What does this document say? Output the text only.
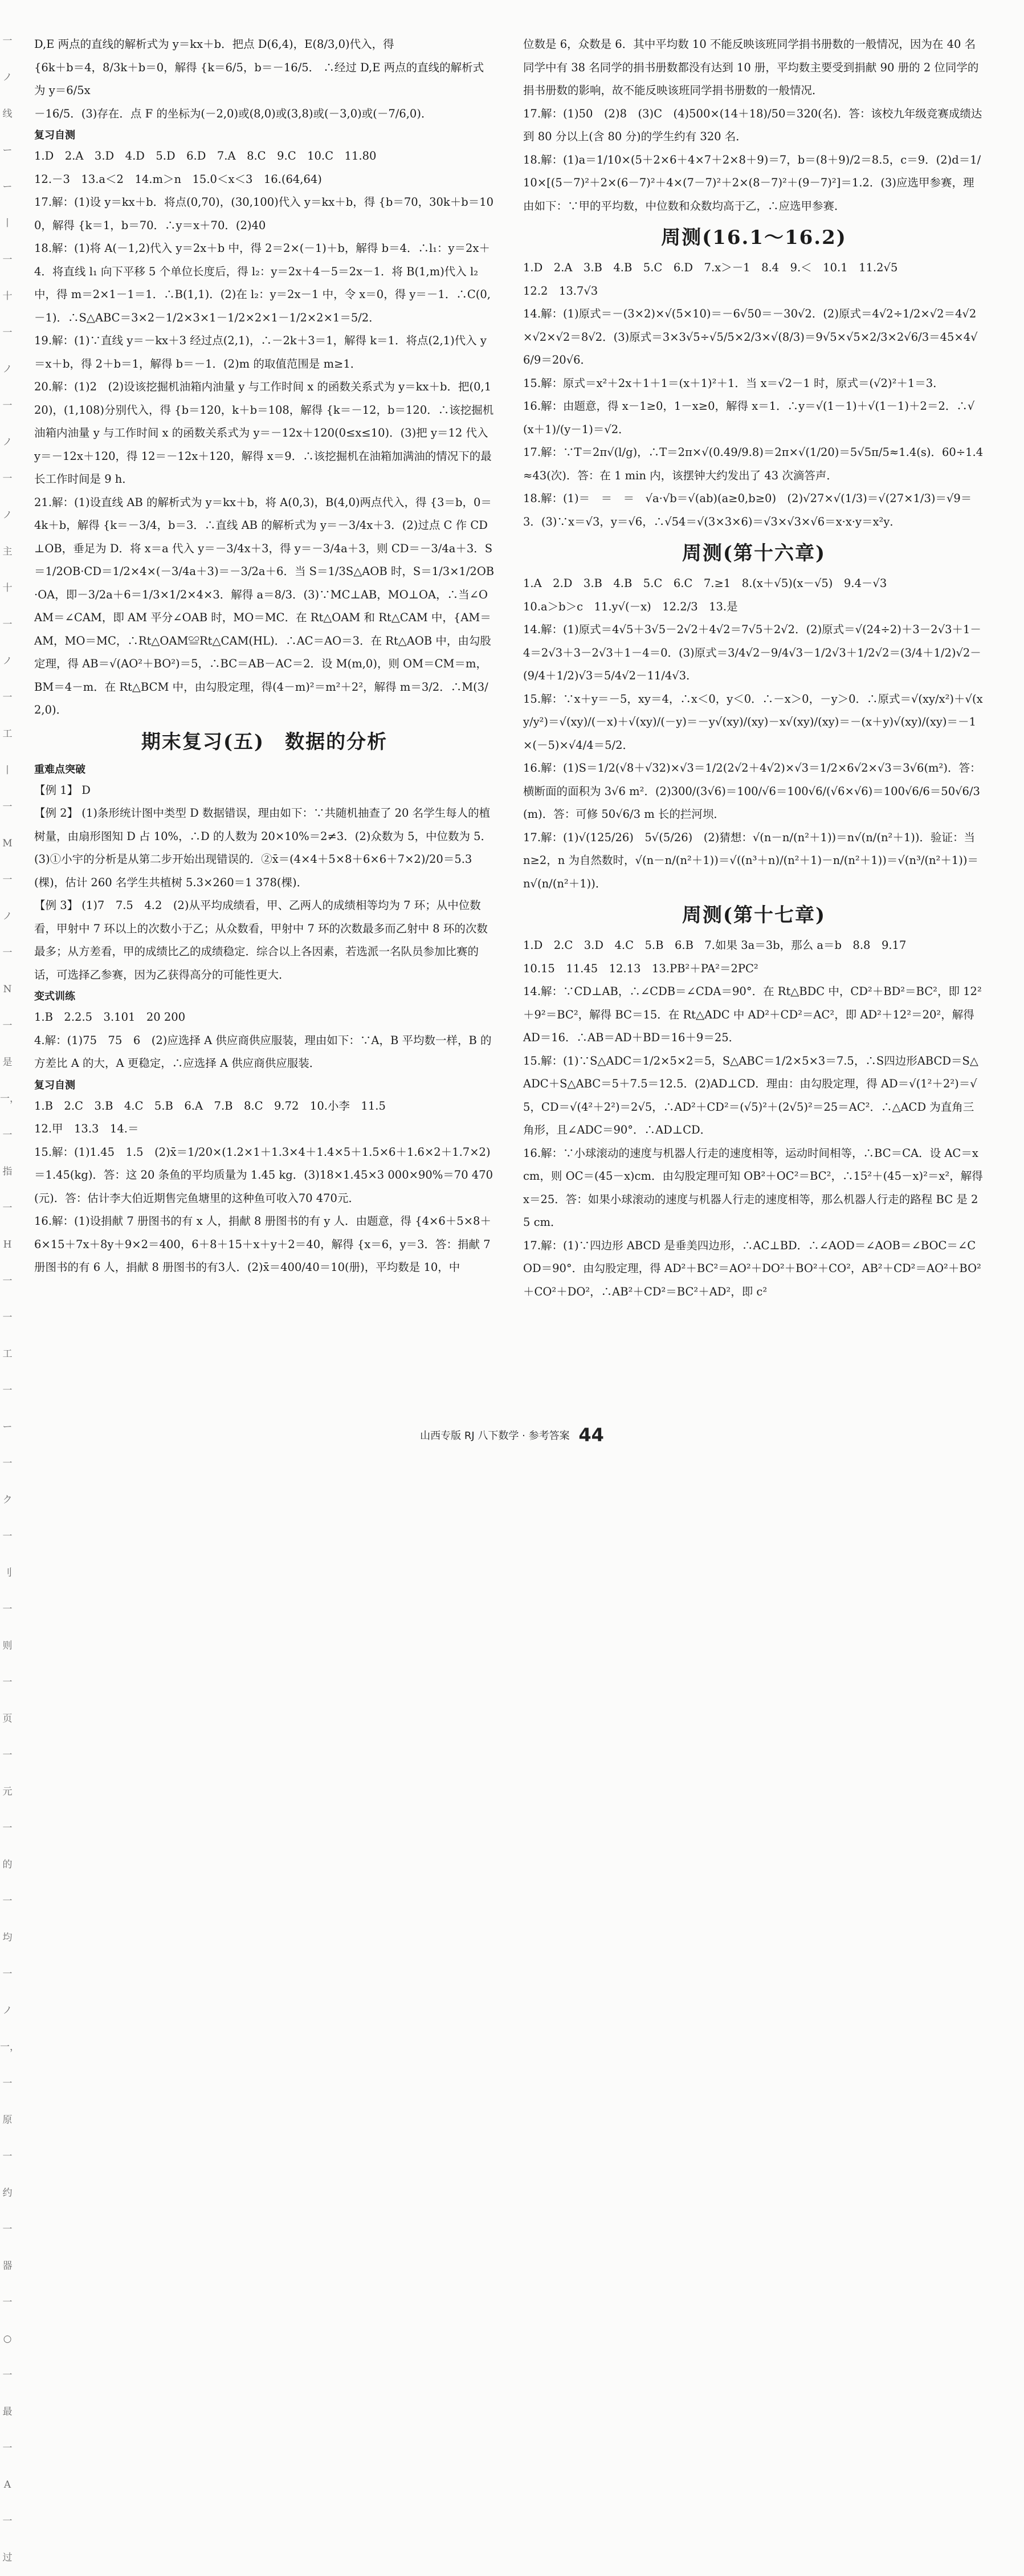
一ノ线ーー丨一十一ノ一ノ一ノ主十一ノ一工丨一M一ノ一N一是一，一指一H一一工一ー一ク一刂一则一页一元一的一均一ノ一，一原一约一器一○一最一A一过

D,E 两点的直线的解析式为 y＝kx＋b．把点 D(6,4)，E(8/3,0)代入，得

{6k＋b＝4，8/3k＋b＝0，解得 {k＝6/5，b＝－16/5． ∴经过 D,E 两点的直线的解析式为 y＝6/5x

－16/5．(3)存在．点 F 的坐标为(－2,0)或(8,0)或(3,8)或(－3,0)或(－7/6,0)．

复习自测

1.D　2.A　3.D　4.D　5.D　6.D　7.A　8.C　9.C　10.C　11.80

12.－3　13.a＜2　14.m＞n　15.0＜x＜3　16.(64,64)

17.解：(1)设 y＝kx＋b．将点(0,70)，(30,100)代入 y＝kx＋b，得 {b＝70，30k＋b＝100，解得 {k＝1，b＝70．∴y＝x＋70．(2)40

18.解：(1)将 A(－1,2)代入 y＝2x＋b 中，得 2＝2×(－1)＋b，解得 b＝4．∴l₁：y＝2x＋4．将直线 l₁ 向下平移 5 个单位长度后，得 l₂：y＝2x＋4－5＝2x－1．将 B(1,m)代入 l₂ 中，得 m＝2×1－1＝1．∴B(1,1)．(2)在 l₂：y＝2x－1 中，令 x＝0，得 y＝－1．∴C(0,－1)．∴S△ABC＝3×2－1/2×3×1－1/2×2×1－1/2×2×1＝5/2．

19.解：(1)∵直线 y＝－kx＋3 经过点(2,1)，∴－2k＋3＝1，解得 k＝1．将点(2,1)代入 y＝x＋b，得 2＋b＝1，解得 b＝－1．(2)m 的取值范围是 m≥1．

20.解：(1)2　(2)设该挖掘机油箱内油量 y 与工作时间 x 的函数关系式为 y＝kx＋b．把(0,120)，(1,108)分别代入，得 {b＝120，k＋b＝108，解得 {k＝－12，b＝120．∴该挖掘机油箱内油量 y 与工作时间 x 的函数关系式为 y＝－12x＋120(0≤x≤10)．(3)把 y＝12 代入 y＝－12x＋120，得 12＝－12x＋120，解得 x＝9．∴该挖掘机在油箱加满油的情况下的最长工作时间是 9 h．

21.解：(1)设直线 AB 的解析式为 y＝kx＋b，将 A(0,3)，B(4,0)两点代入，得 {3＝b，0＝4k＋b，解得 {k＝－3/4，b＝3．∴直线 AB 的解析式为 y＝－3/4x＋3．(2)过点 C 作 CD⊥OB，垂足为 D．将 x＝a 代入 y＝－3/4x＋3，得 y＝－3/4a＋3，则 CD＝－3/4a＋3．S＝1/2OB·CD＝1/2×4×(－3/4a＋3)＝－3/2a＋6．当 S＝1/3S△AOB 时，S＝1/3×1/2OB·OA，即－3/2a＋6＝1/3×1/2×4×3．解得 a＝8/3．(3)∵MC⊥AB，MO⊥OA，∴当∠OAM＝∠CAM，即 AM 平分∠OAB 时，MO＝MC．在 Rt△OAM 和 Rt△CAM 中，{AM＝AM，MO＝MC，∴Rt△OAM≌Rt△CAM(HL)．∴AC＝AO＝3．在 Rt△AOB 中，由勾股定理，得 AB＝√(AO²＋BO²)＝5，∴BC＝AB－AC＝2．设 M(m,0)，则 OM＝CM＝m，BM＝4－m．在 Rt△BCM 中，由勾股定理，得(4－m)²＝m²＋2²，解得 m＝3/2．∴M(3/2,0)．

期末复习(五)　数据的分析
重难点突破

【例 1】 D

【例 2】 (1)条形统计图中类型 D 数据错误，理由如下：∵共随机抽查了 20 名学生每人的植树量，由扇形图知 D 占 10%，∴D 的人数为 20×10%＝2≠3．(2)众数为 5，中位数为 5．(3)①小宇的分析是从第二步开始出现错误的．②x̄＝(4×4＋5×8＋6×6＋7×2)/20＝5.3(棵)，估计 260 名学生共植树 5.3×260＝1 378(棵)．

【例 3】 (1)7　7.5　4.2　(2)从平均成绩看，甲、乙两人的成绩相等均为 7 环；从中位数看，甲射中 7 环以上的次数小于乙；从众数看，甲射中 7 环的次数最多而乙射中 8 环的次数最多；从方差看，甲的成绩比乙的成绩稳定．综合以上各因素，若选派一名队员参加比赛的话，可选择乙参赛，因为乙获得高分的可能性更大．

变式训练

1.B　2.2.5　3.101　20 200

4.解：(1)75　75　6　(2)应选择 A 供应商供应服装，理由如下：∵A，B 平均数一样，B 的方差比 A 的大，A 更稳定，∴应选择 A 供应商供应服装．

复习自测

1.B　2.C　3.B　4.C　5.B　6.A　7.B　8.C　9.72　10.小李　11.5

12.甲　13.3　14.＝

15.解：(1)1.45　1.5　(2)x̄＝1/20×(1.2×1＋1.3×4＋1.4×5＋1.5×6＋1.6×2＋1.7×2)＝1.45(kg)．答：这 20 条鱼的平均质量为 1.45 kg．(3)18×1.45×3 000×90%＝70 470(元)．答：估计李大伯近期售完鱼塘里的这种鱼可收入70 470元．

16.解：(1)设捐献 7 册图书的有 x 人，捐献 8 册图书的有 y 人．由题意，得 {4×6＋5×8＋6×15＋7x＋8y＋9×2＝400，6＋8＋15＋x＋y＋2＝40，解得 {x＝6，y＝3．答：捐献 7 册图书的有 6 人，捐献 8 册图书的有3人．(2)x̄＝400/40＝10(册)，平均数是 10，中

位数是 6，众数是 6．其中平均数 10 不能反映该班同学捐书册数的一般情况，因为在 40 名同学中有 38 名同学的捐书册数都没有达到 10 册，平均数主要受到捐献 90 册的 2 位同学的捐书册数的影响，故不能反映该班同学捐书册数的一般情况．

17.解：(1)50　(2)8　(3)C　(4)500×(14＋18)/50＝320(名)．答：该校九年级竞赛成绩达到 80 分以上(含 80 分)的学生约有 320 名．

18.解：(1)a＝1/10×(5＋2×6＋4×7＋2×8＋9)＝7，b＝(8＋9)/2＝8.5，c＝9．(2)d＝1/10×[(5－7)²＋2×(6－7)²＋4×(7－7)²＋2×(8－7)²＋(9－7)²]＝1.2．(3)应选甲参赛，理由如下：∵甲的平均数，中位数和众数均高于乙，∴应选甲参赛．

周测(16.1～16.2)

1.D　2.A　3.B　4.B　5.C　6.D　7.x＞－1　8.4　9.＜　10.1　11.2√5

12.2　13.7√3

14.解：(1)原式＝－(3×2)×√(5×10)＝－6√50＝－30√2．(2)原式＝4√2÷1/2×√2＝4√2×√2×√2＝8√2．(3)原式＝3×3√5÷√5/5×2/3×√(8/3)＝9√5×√5×2/3×2√6/3＝45×4√6/9＝20√6．

15.解：原式＝x²＋2x＋1＋1＝(x＋1)²＋1．当 x＝√2－1 时，原式＝(√2)²＋1＝3．

16.解：由题意，得 x－1≥0，1－x≥0，解得 x＝1．∴y＝√(1－1)＋√(1－1)＋2＝2．∴√(x＋1)/(y－1)＝√2．

17.解：∵T＝2π√(l/g)，∴T＝2π×√(0.49/9.8)＝2π×√(1/20)＝5√5π/5≈1.4(s)．60÷1.4≈43(次)．答：在 1 min 内，该摆钟大约发出了 43 次滴答声．

18.解：(1)＝　＝　＝　√a·√b＝√(ab)(a≥0,b≥0)　(2)√27×√(1/3)＝√(27×1/3)＝√9＝3．(3)∵x＝√3，y＝√6，∴√54＝√(3×3×6)＝√3×√3×√6＝x·x·y＝x²y．

周测(第十六章)

1.A　2.D　3.B　4.B　5.C　6.C　7.≥1　8.(x＋√5)(x－√5)　9.4－√3

10.a＞b＞c　11.y√(－x)　12.2/3　13.是

14.解：(1)原式＝4√5＋3√5－2√2＋4√2＝7√5＋2√2．(2)原式＝√(24÷2)＋3－2√3＋1－4＝2√3＋3－2√3＋1－4＝0．(3)原式＝3/4√2－9/4√3－1/2√3＋1/2√2＝(3/4＋1/2)√2－(9/4＋1/2)√3＝5/4√2－11/4√3．

15.解：∵x＋y＝－5，xy＝4，∴x＜0，y＜0．∴－x＞0，－y＞0．∴原式＝√(xy/x²)＋√(xy/y²)＝√(xy)/(－x)＋√(xy)/(－y)＝－y√(xy)/(xy)－x√(xy)/(xy)＝－(x＋y)√(xy)/(xy)＝－1×(－5)×√4/4＝5/2．

16.解：(1)S＝1/2(√8＋√32)×√3＝1/2(2√2＋4√2)×√3＝1/2×6√2×√3＝3√6(m²)．答：横断面的面积为 3√6 m²．(2)300/(3√6)＝100/√6＝100√6/(√6×√6)＝100√6/6＝50√6/3(m)．答：可修 50√6/3 m 长的拦河坝．

17.解：(1)√(125/26)　5√(5/26)　(2)猜想：√(n－n/(n²＋1))＝n√(n/(n²＋1))．验证：当 n≥2，n 为自然数时，√(n－n/(n²＋1))＝√((n³＋n)/(n²＋1)－n/(n²＋1))＝√(n³/(n²＋1))＝n√(n/(n²＋1))．

周测(第十七章)

1.D　2.C　3.D　4.C　5.B　6.B　7.如果 3a＝3b，那么 a＝b　8.8　9.17

10.15　11.45　12.13　13.PB²＋PA²＝2PC²

14.解：∵CD⊥AB，∴∠CDB＝∠CDA＝90°．在 Rt△BDC 中，CD²＋BD²＝BC²，即 12²＋9²＝BC²，解得 BC＝15．在 Rt△ADC 中 AD²＋CD²＝AC²，即 AD²＋12²＝20²，解得 AD＝16．∴AB＝AD＋BD＝16＋9＝25．

15.解：(1)∵S△ADC＝1/2×5×2＝5，S△ABC＝1/2×5×3＝7.5，∴S四边形ABCD＝S△ADC＋S△ABC＝5＋7.5＝12.5．(2)AD⊥CD．理由：由勾股定理，得 AD＝√(1²＋2²)＝√5，CD＝√(4²＋2²)＝2√5，∴AD²＋CD²＝(√5)²＋(2√5)²＝25＝AC²．∴△ACD 为直角三角形，且∠ADC＝90°．∴AD⊥CD．

16.解：∵小球滚动的速度与机器人行走的速度相等，运动时间相等，∴BC＝CA．设 AC＝x cm，则 OC＝(45－x)cm．由勾股定理可知 OB²＋OC²＝BC²，∴15²＋(45－x)²＝x²，解得 x＝25．答：如果小球滚动的速度与机器人行走的速度相等，那么机器人行走的路程 BC 是 25 cm．

17.解：(1)∵四边形 ABCD 是垂美四边形，∴AC⊥BD．∴∠AOD＝∠AOB＝∠BOC＝∠COD＝90°．由勾股定理，得 AD²＋BC²＝AO²＋DO²＋BO²＋CO²，AB²＋CD²＝AO²＋BO²＋CO²＋DO²，∴AB²＋CD²＝BC²＋AD²，即 c²

山西专版 RJ 八下数学 · 参考答案 44
